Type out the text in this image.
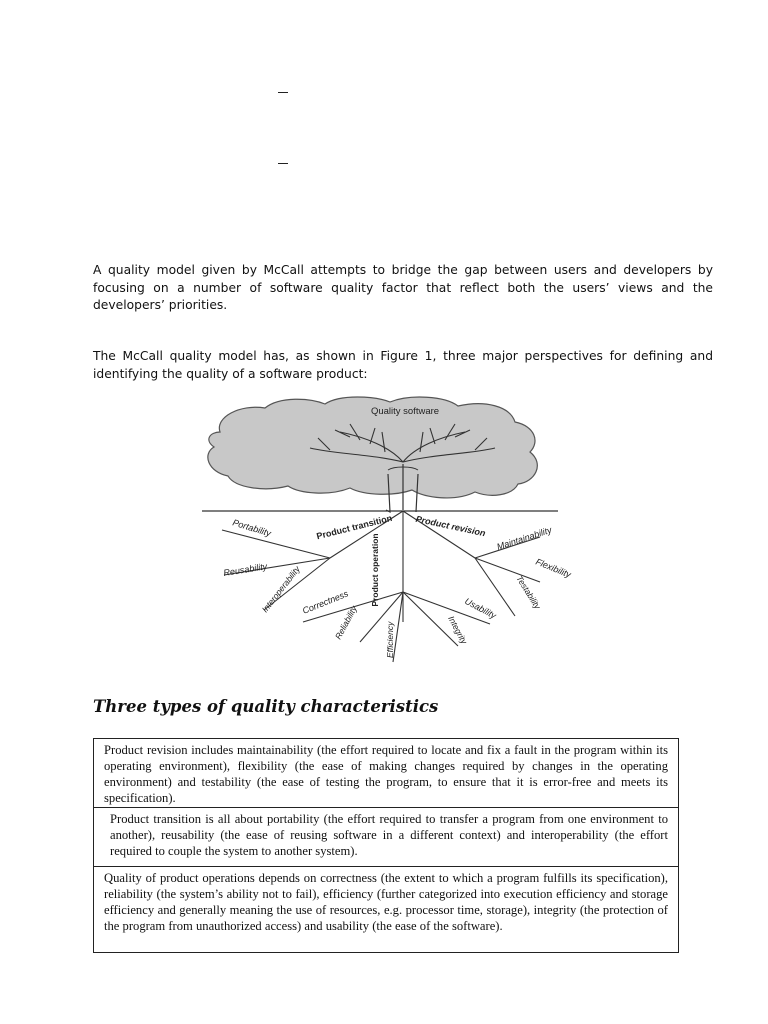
A quality model given by McCall attempts to bridge the gap between users and developers by focusing on a number of software quality factor that reflect both the users’ views and the developers’ priorities.

The McCall quality model has, as shown in Figure 1, three major perspectives for defining and identifying the quality of a software product:

Quality software
Product transition Product revision
Product operation
Portability
Reusability
Interoperability
Maintainability
Flexibility
Testability
Correctness
Reliability	Efficiency	Integrity
Usability
Three types of quality characteristics
Product revision includes maintainability (the effort required to locate and fix a fault in the program within its operating environment), flexibility (the ease of making changes required by changes in the operating environment) and testability (the ease of testing the program, to ensure that it is error-free and meets its specification).
Product transition is all about portability (the effort required to transfer a program from one environment to another), reusability (the ease of reusing software in a different context) and interoperability (the effort required to couple the system to another system).
Quality of product operations depends on correctness (the extent to which a program fulfills its specification), reliability (the system’s ability not to fail), efficiency (further categorized into execution efficiency and storage efficiency and generally meaning the use of resources, e.g. processor time, storage), integrity (the protection of the program from unauthorized access) and usability (the ease of the software).
